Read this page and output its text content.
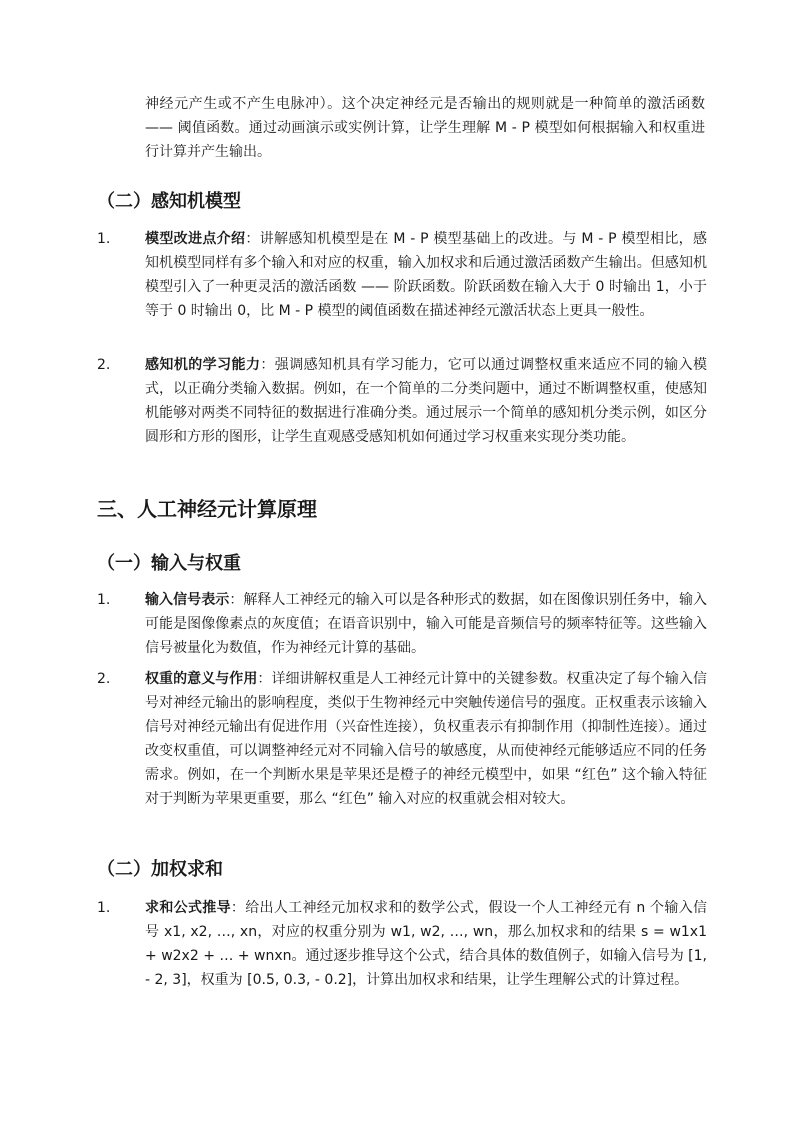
神经元产生或不产生电脉冲）。这个决定神经元是否输出的规则就是一种简单的激活函数 —— 阈值函数。通过动画演示或实例计算，让学生理解 M - P 模型如何根据输入和权重进行计算并产生输出。

（二）感知机模型
1. 模型改进点介绍：讲解感知机模型是在 M - P 模型基础上的改进。与 M - P 模型相比，感知机模型同样有多个输入和对应的权重，输入加权求和后通过激活函数产生输出。但感知机模型引入了一种更灵活的激活函数 —— 阶跃函数。阶跃函数在输入大于 0 时输出 1，小于等于 0 时输出 0，比 M - P 模型的阈值函数在描述神经元激活状态上更具一般性。
2. 感知机的学习能力：强调感知机具有学习能力，它可以通过调整权重来适应不同的输入模式，以正确分类输入数据。例如，在一个简单的二分类问题中，通过不断调整权重，使感知机能够对两类不同特征的数据进行准确分类。通过展示一个简单的感知机分类示例，如区分圆形和方形的图形，让学生直观感受感知机如何通过学习权重来实现分类功能。
三、人工神经元计算原理
（一）输入与权重
1. 输入信号表示：解释人工神经元的输入可以是各种形式的数据，如在图像识别任务中，输入可能是图像像素点的灰度值；在语音识别中，输入可能是音频信号的频率特征等。这些输入信号被量化为数值，作为神经元计算的基础。
2. 权重的意义与作用：详细讲解权重是人工神经元计算中的关键参数。权重决定了每个输入信号对神经元输出的影响程度，类似于生物神经元中突触传递信号的强度。正权重表示该输入信号对神经元输出有促进作用（兴奋性连接），负权重表示有抑制作用（抑制性连接）。通过改变权重值，可以调整神经元对不同输入信号的敏感度，从而使神经元能够适应不同的任务需求。例如，在一个判断水果是苹果还是橙子的神经元模型中，如果 “红色” 这个输入特征对于判断为苹果更重要，那么 “红色” 输入对应的权重就会相对较大。
（二）加权求和
1. 求和公式推导：给出人工神经元加权求和的数学公式，假设一个人工神经元有 n 个输入信号 x1, x2, …, xn，对应的权重分别为 w1, w2, …, wn，那么加权求和的结果 s = w1x1 + w2x2 + … + wnxn。通过逐步推导这个公式，结合具体的数值例子，如输入信号为 [1, - 2, 3]，权重为 [0.5, 0.3, - 0.2]，计算出加权求和结果，让学生理解公式的计算过程。
